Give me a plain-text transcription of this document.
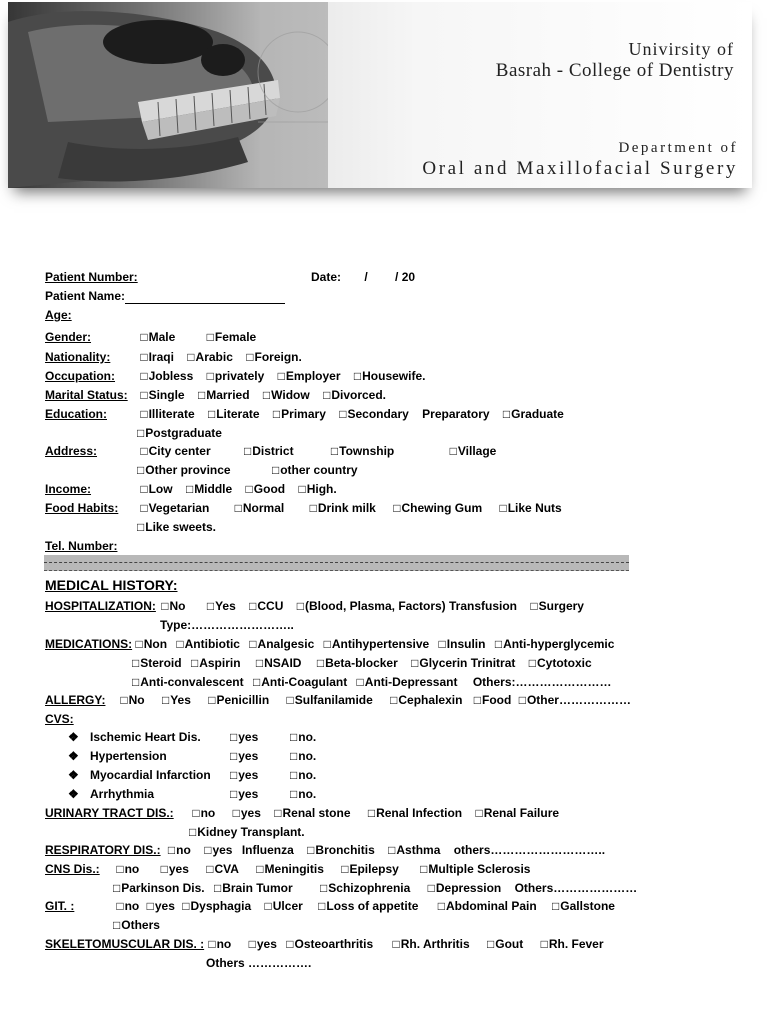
Univirsity of
Basrah - College of Dentistry
Department of
Oral and Maxillofacial Surgery
Patient Number:	Date: / / 20
Patient Name:
Age:
Gender:	□ Male	□ Female
Nationality:	□ Iraqi □ Arabic □ Foreign.
Occupation:	□ Jobless □ privately □ Employer □ Housewife.
Marital Status: □ Single □ Married □ Widow □ Divorced.
Education:	□ Illiterate □ Literate □ Primary □ Secondary Preparatory □ Graduate
□ Postgraduate
Address:	□ City center	□ District	□ Township	□ Village
□ Other province	□ other country
Income:	□ Low □ Middle □ Good □ High.
Food Habits:	□ Vegetarian	□ Normal	□ Drink milk □ Chewing Gum □ Like Nuts
□ Like sweets.
Tel. Number:
MEDICAL HISTORY:
HOSPITALIZATION: □ No □ Yes □ CCU □ (Blood, Plasma, Factors) Transfusion □ Surgery
Type:……………………..
MEDICATIONS: □ Non □ Antibiotic □ Analgesic □ Antihypertensive □ Insulin □ Anti-hyperglycemic
□ Steroid □ Aspirin □ NSAID □ Beta-blocker □ Glycerin Trinitrat □ Cytotoxic
□ Anti-convalescent □ Anti-Coagulant □ Anti-Depressant Others:……………………
ALLERGY: □ No □ Yes □ Penicillin □ Sulfanilamide □ Cephalexin □ Food □ Other………………
CVS:
❖ Ischemic Heart Dis.	□ yes	□ no.
❖ Hypertension	□ yes	□ no.
❖ Myocardial Infarction □ yes	□ no.
❖ Arrhythmia	□ yes	□ no.
URINARY TRACT DIS.: □ no □ yes □ Renal stone □ Renal Infection □ Renal Failure
□ Kidney Transplant.
RESPIRATORY DIS.: □ no □ yes Influenza □ Bronchitis □ Asthma others………………………..
CNS Dis.: □ no □ yes □ CVA □ Meningitis □ Epilepsy □ Multiple Sclerosis
□ Parkinson Dis. □ Brain Tumor	□ Schizophrenia □ Depression Others…………………
GIT. :	□ no □ yes □ Dysphagia □ Ulcer □ Loss of appetite □ Abdominal Pain □ Gallstone
□ Others
SKELETOMUSCULAR DIS. : □ no □ yes □ Osteoarthritis □ Rh. Arthritis □ Gout □ Rh. Fever
Others …………….
